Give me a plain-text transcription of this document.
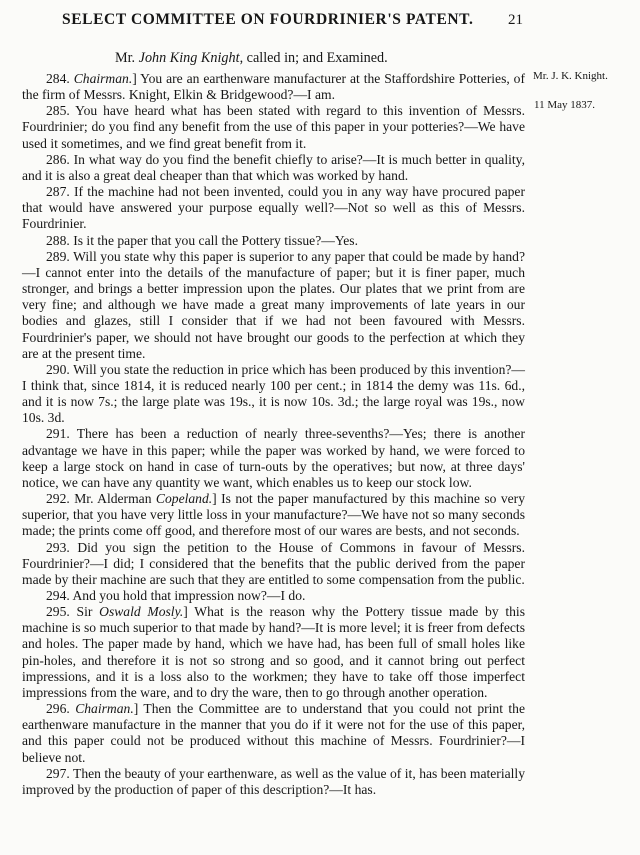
SELECT COMMITTEE ON FOURDRINIER'S PATENT. 21
Mr. John King Knight, called in; and Examined.
Mr. J. K. Knight.
11 May 1837.

284. Chairman.] You are an earthenware manufacturer at the Staffordshire Potteries, of the firm of Messrs. Knight, Elkin & Bridgewood?—I am.

285. You have heard what has been stated with regard to this invention of Messrs. Fourdrinier; do you find any benefit from the use of this paper in your potteries?—We have used it sometimes, and we find great benefit from it.

286. In what way do you find the benefit chiefly to arise?—It is much better in quality, and it is also a great deal cheaper than that which was worked by hand.

287. If the machine had not been invented, could you in any way have procured paper that would have answered your purpose equally well?—Not so well as this of Messrs. Fourdrinier.

288. Is it the paper that you call the Pottery tissue?—Yes.

289. Will you state why this paper is superior to any paper that could be made by hand?—I cannot enter into the details of the manufacture of paper; but it is finer paper, much stronger, and brings a better impression upon the plates. Our plates that we print from are very fine; and although we have made a great many improvements of late years in our bodies and glazes, still I consider that if we had not been favoured with Messrs. Fourdrinier's paper, we should not have brought our goods to the perfection at which they are at the present time.

290. Will you state the reduction in price which has been produced by this invention?—I think that, since 1814, it is reduced nearly 100 per cent.; in 1814 the demy was 11s. 6d., and it is now 7s.; the large plate was 19s., it is now 10s. 3d.; the large royal was 19s., now 10s. 3d.

291. There has been a reduction of nearly three-sevenths?—Yes; there is another advantage we have in this paper; while the paper was worked by hand, we were forced to keep a large stock on hand in case of turn-outs by the operatives; but now, at three days' notice, we can have any quantity we want, which enables us to keep our stock low.

292. Mr. Alderman Copeland.] Is not the paper manufactured by this machine so very superior, that you have very little loss in your manufacture?—We have not so many seconds made; the prints come off good, and therefore most of our wares are bests, and not seconds.

293. Did you sign the petition to the House of Commons in favour of Messrs. Fourdrinier?—I did; I considered that the benefits that the public derived from the paper made by their machine are such that they are entitled to some compensation from the public.

294. And you hold that impression now?—I do.

295. Sir Oswald Mosly.] What is the reason why the Pottery tissue made by this machine is so much superior to that made by hand?—It is more level; it is freer from defects and holes. The paper made by hand, which we have had, has been full of small holes like pin-holes, and therefore it is not so strong and so good, and it cannot bring out perfect impressions, and it is a loss also to the workmen; they have to take off those imperfect impressions from the ware, and to dry the ware, then to go through another operation.

296. Chairman.] Then the Committee are to understand that you could not print the earthenware manufacture in the manner that you do if it were not for the use of this paper, and this paper could not be produced without this machine of Messrs. Fourdrinier?—I believe not.

297. Then the beauty of your earthenware, as well as the value of it, has been materially improved by the production of paper of this description?—It has.
